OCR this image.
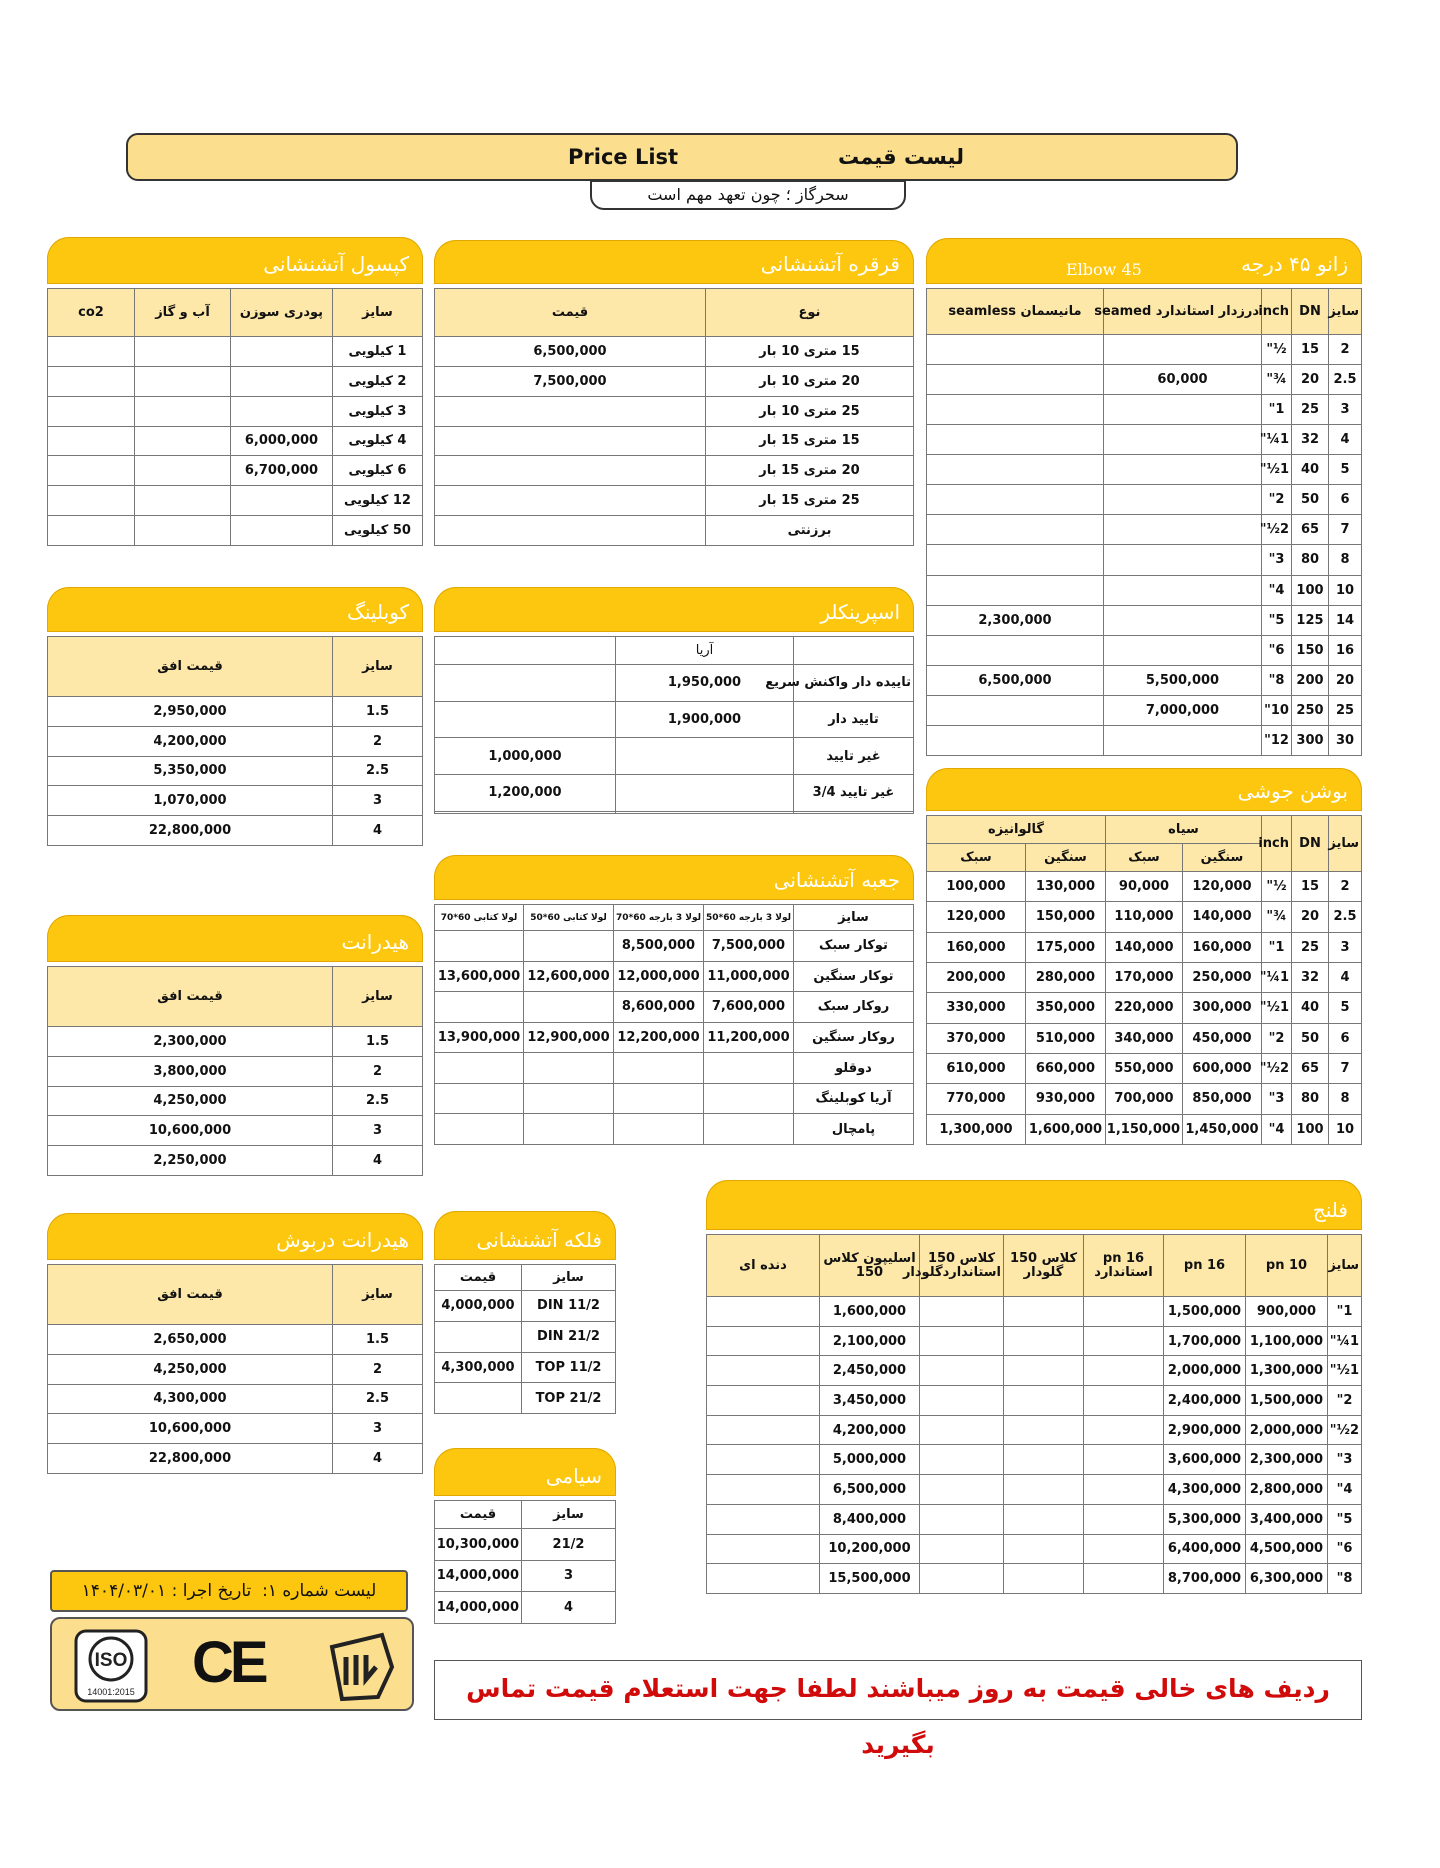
لیست قیمت
Price List
سحرگاز ؛ چون تعهد مهم است
کپسول آتشنشانی
سایز	پودری سوزن	آب و گاز	co2
1 کیلویی			
2 کیلویی			
3 کیلویی			
4 کیلویی	6,000,000		
6 کیلویی	6,700,000		
12 کیلویی			
50 کیلویی			
قرقره آتشنشانی
نوع	قیمت
15 متری 10 بار	6,500,000
20 متری 10 بار	7,500,000
25 متری 10 بار	
15 متری 15 بار	
20 متری 15 بار	
25 متری 15 بار	
برزنتی	
زانو ۴۵ درجه
Elbow 45
سایز	DN	inch	درزدار استاندارد seamed	مانیسمان seamless
2	15	½"		
2.5	20	¾"	60,000	
3	25	1"		
4	32	1¼"		
5	40	1½"		
6	50	2"		
7	65	2½"		
8	80	3"		
10	100	4"		
14	125	5"		2,300,000
16	150	6"		
20	200	8"	5,500,000	6,500,000
25	250	10"	7,000,000	
30	300	12"		
کوبلینگ
سایز	قیمت افق
1.5	2,950,000
2	4,200,000
2.5	5,350,000
3	1,070,000
4	22,800,000
اسپرینکلر
	آریا	
تاییده دار واکنش سریع	1,950,000	
تایید دار	1,900,000	
غیر تایید		1,000,000
غیر تایید 3/4		1,200,000
			بوشن جوشی
سایز	DN	inch	سیاه		گالوانیزه	
			سنگین	سبک	سنگین	سبک
2	15	½"	120,000	90,000	130,000	100,000
2.5	20	¾"	140,000	110,000	150,000	120,000
3	25	1"	160,000	140,000	175,000	160,000
4	32	1¼"	250,000	170,000	280,000	200,000
5	40	1½"	300,000	220,000	350,000	330,000
6	50	2"	450,000	340,000	510,000	370,000
7	65	2½"	600,000	550,000	660,000	610,000
8	80	3"	850,000	700,000	930,000	770,000
10	100	4"	1,450,000	1,150,000	1,600,000	1,300,000
هیدرانت
سایز	قیمت افق
1.5	2,300,000
2	3,800,000
2.5	4,250,000
3	10,600,000
4	2,250,000
جعبه آتشنشانی
سایز	لولا 3 بارجه 60*50	لولا 3 بارجه 60*70	لولا کتابی 60*50	لولا کتابی 60*70
توکار سبک	7,500,000	8,500,000		
توکار سنگین	11,000,000	12,000,000	12,600,000	13,600,000
روکار سبک	7,600,000	8,600,000		
روکار سنگین	11,200,000	12,200,000	12,900,000	13,900,000
دوقلو				
آریا کوبلینگ				
پامچال				
فلنج
سایز	pn 10	pn 16	pn 16 استاندارد	کلاس 150 گلودار	کلاس 150 استانداردگلودار	اسلیپون کلاس 150	دنده ای
1"	900,000	1,500,000				1,600,000	
1¼"	1,100,000	1,700,000				2,100,000	
1½"	1,300,000	2,000,000				2,450,000	
2"	1,500,000	2,400,000				3,450,000	
2½"	2,000,000	2,900,000				4,200,000	
3"	2,300,000	3,600,000				5,000,000	
4"	2,800,000	4,300,000				6,500,000	
5"	3,400,000	5,300,000				8,400,000	
6"	4,500,000	6,400,000				10,200,000	
8"	6,300,000	8,700,000				15,500,000	
هیدرانت دربوش
سایز	قیمت افق
1.5	2,650,000
2	4,250,000
2.5	4,300,000
3	10,600,000
4	22,800,000
فلکه آتشنشانی
سایز	قیمت
11/2 DIN	4,000,000
21/2 DIN	
11/2 TOP	4,300,000
21/2 TOP	
سیامی
سایز	قیمت
21/2	10,300,000
3	14,000,000
4	14,000,000
لیست شماره ۱:  تاریخ اجرا : ۱۴۰۴/۰۳/۰۱
ISO
14001:2015 CE	ردیف های خالی قیمت به روز میباشند لطفا جهت استعلام قیمت تماس بگیرید
